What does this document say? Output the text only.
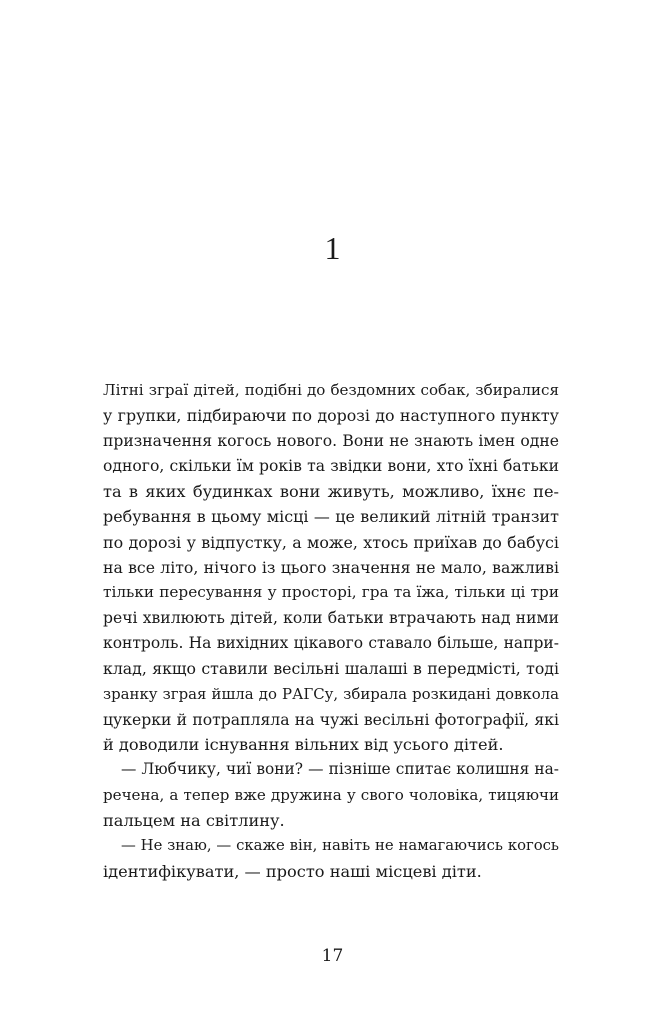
1
Літні зграї дітей, подібні до бездомних собак, збиралися
у групки, підбираючи по дорозі до наступного пункту
призначення когось нового. Вони не знають імен одне
одного, скільки їм років та звідки вони, хто їхні батьки
та в яких будинках вони живуть, можливо, їхнє пе-
ребування в цьому місці — це великий літній транзит
по дорозі у відпустку, а може, хтось приїхав до бабусі
на все літо, нічого із цього значення не мало, важливі
тільки пересування у просторі, гра та їжа, тільки ці три
речі хвилюють дітей, коли батьки втрачають над ними
контроль. На вихідних цікавого ставало більше, напри-
клад, якщо ставили весільні шалаші в передмісті, тоді
зранку зграя йшла до РАГСу, збирала розкидані довкола
цукерки й потрапляла на чужі весільні фотографії, які
й доводили існування вільних від усього дітей.
— Любчику, чиї вони? — пізніше спитає колишня на-
речена, а тепер вже дружина у свого чоловіка, тицяючи
пальцем на світлину.
— Не знаю, — скаже він, навіть не намагаючись когось
ідентифікувати, — просто наші місцеві діти.
17
